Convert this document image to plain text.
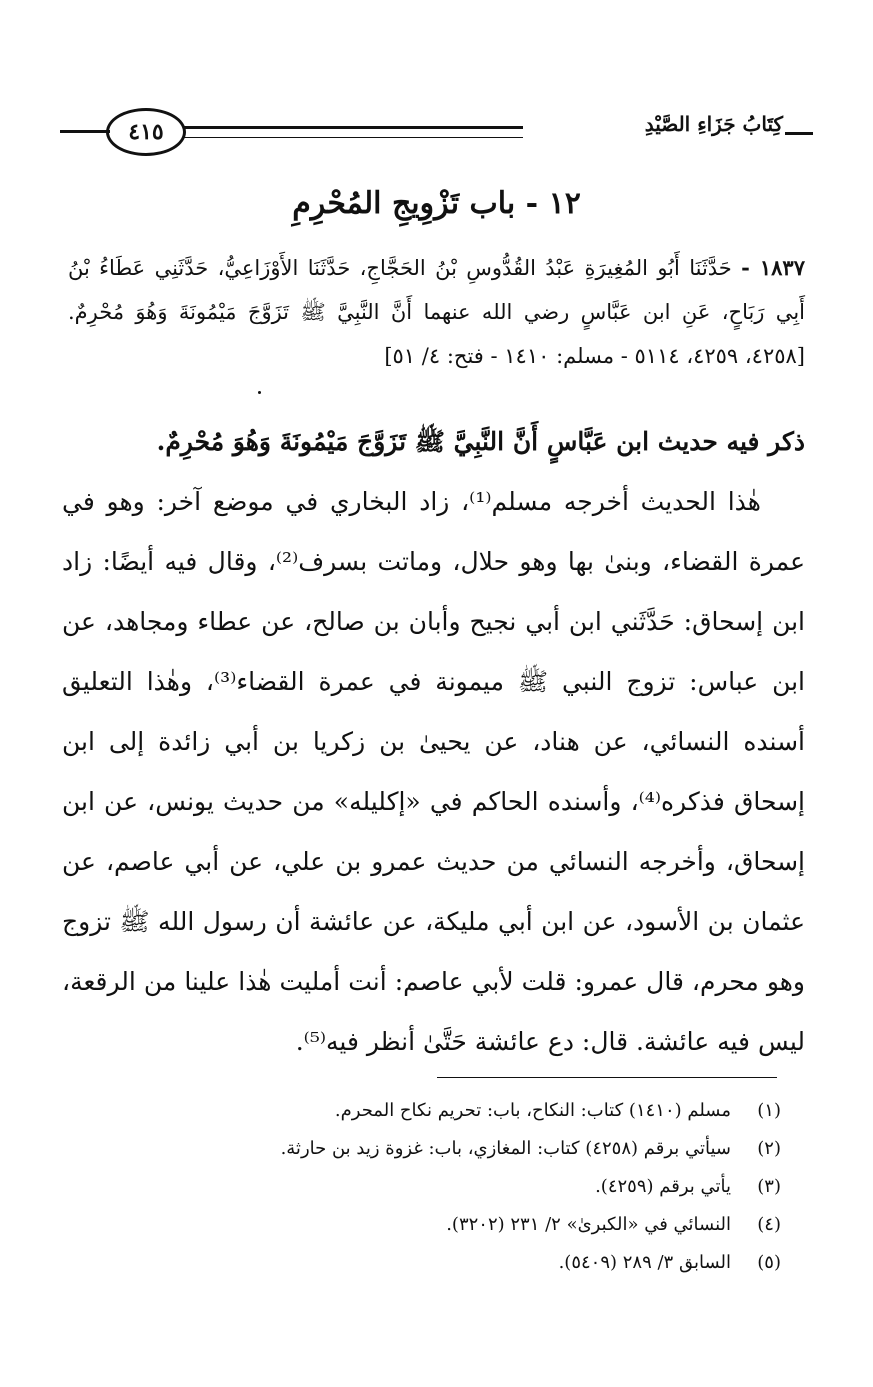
كِتَابُ جَزَاءِ الصَّيْدِ
٤١٥
١٢ - باب تَزْوِيجِ المُحْرِمِ
١٨٣٧ - حَدَّثَنَا أَبُو المُغِيرَةِ عَبْدُ القُدُّوسِ بْنُ الحَجَّاجِ، حَدَّثَنَا الأَوْزَاعِيُّ، حَدَّثَنِي عَطَاءُ بْنُ أَبِي رَبَاحٍ، عَنِ ابن عَبَّاسٍ رضي الله عنهما أَنَّ النَّبِيَّ ﷺ تَزَوَّجَ مَيْمُونَةَ وَهُوَ مُحْرِمٌ. [٤٢٥٨، ٤٢٥٩، ٥١١٤ - مسلم: ١٤١٠ - فتح: ٤/ ٥١]

ذكر فيه حديث ابن عَبَّاسٍ أَنَّ النَّبِيَّ ﷺ تَزَوَّجَ مَيْمُونَةَ وَهُوَ مُحْرِمٌ.

هٰذا الحديث أخرجه مسلم⁽¹⁾، زاد البخاري في موضع آخر: وهو في عمرة القضاء، وبنىٰ بها وهو حلال، وماتت بسرف⁽²⁾، وقال فيه أيضًا: زاد ابن إسحاق: حَدَّثَني ابن أبي نجيح وأبان بن صالح، عن عطاء ومجاهد، عن ابن عباس: تزوج النبي ﷺ ميمونة في عمرة القضاء⁽³⁾، وهٰذا التعليق أسنده النسائي، عن هناد، عن يحيىٰ بن زكريا بن أبي زائدة إلى ابن إسحاق فذكره⁽⁴⁾، وأسنده الحاكم في «إكليله» من حديث يونس، عن ابن إسحاق، وأخرجه النسائي من حديث عمرو بن علي، عن أبي عاصم، عن عثمان بن الأسود، عن ابن أبي مليكة، عن عائشة أن رسول الله ﷺ تزوج وهو محرم، قال عمرو: قلت لأبي عاصم: أنت أمليت هٰذا علينا من الرقعة، ليس فيه عائشة. قال: دع عائشة حَتَّىٰ أنظر فيه⁽⁵⁾.

(١)
مسلم (١٤١٠) كتاب: النكاح، باب: تحريم نكاح المحرم.
(٢)
سيأتي برقم (٤٢٥٨) كتاب: المغازي، باب: غزوة زيد بن حارثة.
(٣)
يأتي برقم (٤٢٥٩).
(٤)
النسائي في «الكبرىٰ» ٢/ ٢٣١ (٣٢٠٢).
(٥)
السابق ٣/ ٢٨٩ (٥٤٠٩).
